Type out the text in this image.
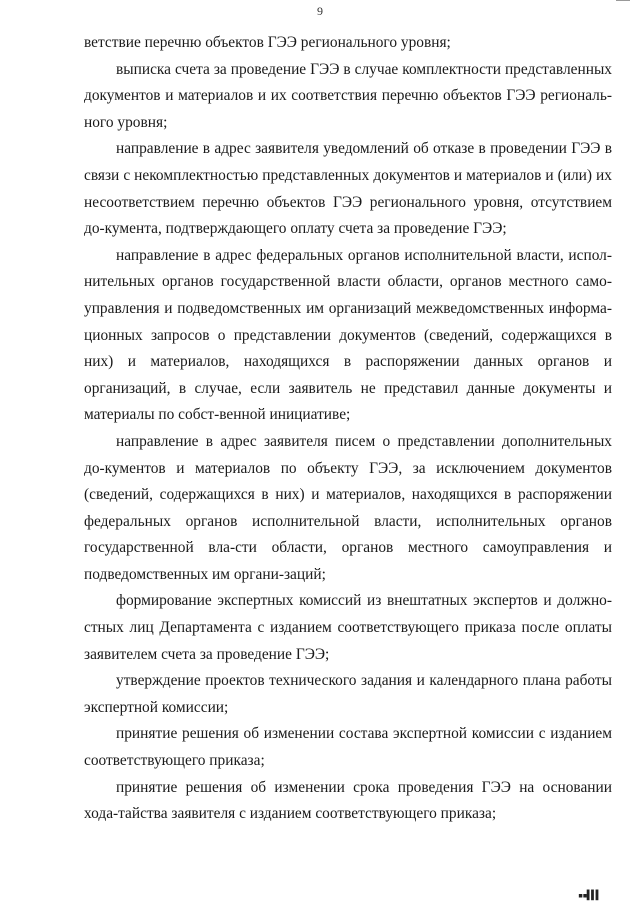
9

ветствие перечню объектов ГЭЭ регионального уровня;

выписка счета за проведение ГЭЭ в случае комплектности представленных документов и материалов и их соответствия перечню объектов ГЭЭ региональ-ного уровня;

направление в адрес заявителя уведомлений об отказе в проведении ГЭЭ в связи с некомплектностью представленных документов и материалов и (или) их несоответствием перечню объектов ГЭЭ регионального уровня, отсутствием до-кумента, подтверждающего оплату счета за проведение ГЭЭ;

направление в адрес федеральных органов исполнительной власти, испол-нительных органов государственной власти области, органов местного само-управления и подведомственных им организаций межведомственных информа-ционных запросов о представлении документов (сведений, содержащихся в них) и материалов, находящихся в распоряжении данных органов и организаций, в случае, если заявитель не представил данные документы и материалы по собст-венной инициативе;

направление в адрес заявителя писем о представлении дополнительных до-кументов и материалов по объекту ГЭЭ, за исключением документов (сведений, содержащихся в них) и материалов, находящихся в распоряжении федеральных органов исполнительной власти, исполнительных органов государственной вла-сти области, органов местного самоуправления и подведомственных им органи-заций;

формирование экспертных комиссий из внештатных экспертов и должно-стных лиц Департамента с изданием соответствующего приказа после оплаты заявителем счета за проведение ГЭЭ;

утверждение проектов технического задания и календарного плана работы экспертной комиссии;

принятие решения об изменении состава экспертной комиссии с изданием соответствующего приказа;

принятие решения об изменении срока проведения ГЭЭ на основании хода-тайства заявителя с изданием соответствующего приказа;

▪▪▌▌▌
